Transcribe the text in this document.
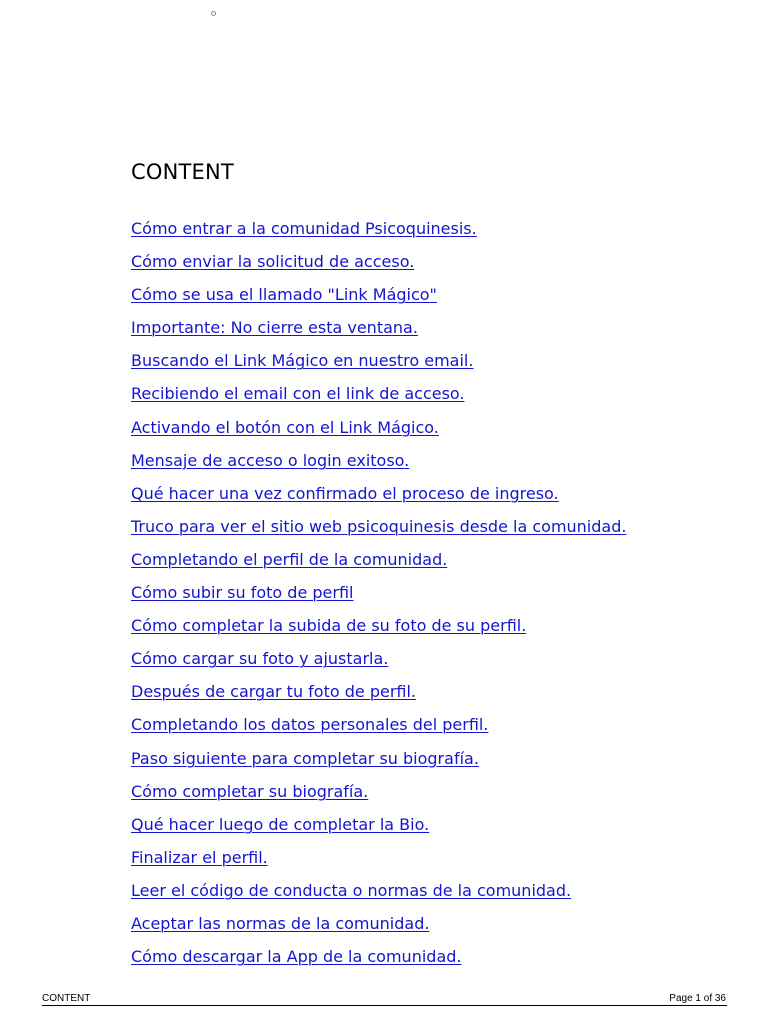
CONTENT
Cómo entrar a la comunidad Psicoquinesis.
Cómo enviar la solicitud de acceso.
Cómo se usa el llamado "Link Mágico"
Importante: No cierre esta ventana.
Buscando el Link Mágico en nuestro email.
Recibiendo el email con el link de acceso.
Activando el botón con el Link Mágico.
Mensaje de acceso o login exitoso.
Qué hacer una vez confirmado el proceso de ingreso.
Truco para ver el sitio web psicoquinesis desde la comunidad.
Completando el perfil de la comunidad.
Cómo subir su foto de perfil
Cómo completar la subida de su foto de su perfil.
Cómo cargar su foto y ajustarla.
Después de cargar tu foto de perfil.
Completando los datos personales del perfil.
Paso siguiente para completar su biografía.
Cómo completar su biografía.
Qué hacer luego de completar la Bio.
Finalizar el perfil.
Leer el código de conducta o normas de la comunidad.
Aceptar las normas de la comunidad.
Cómo descargar la App de la comunidad.
CONTENT	Page 1 of 36
